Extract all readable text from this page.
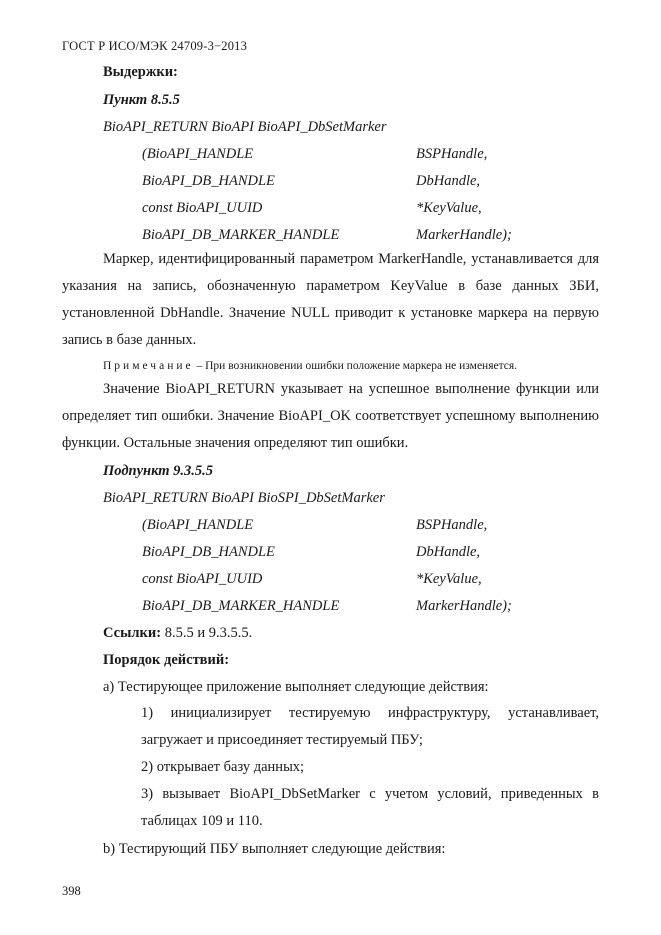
ГОСТ Р ИСО/МЭК 24709-3−2013
Выдержки:
Пункт 8.5.5
BioAPI_RETURN BioAPI BioAPI_DbSetMarker
(BioAPI_HANDLE	BSPHandle,
BioAPI_DB_HANDLE	DbHandle,
const BioAPI_UUID	*KeyValue,
BioAPI_DB_MARKER_HANDLE	MarkerHandle);
Маркер, идентифицированный параметром MarkerHandle, устанавливается для указания на запись, обозначенную параметром KeyValue в базе данных ЗБИ, установленной DbHandle. Значение NULL приводит к установке маркера на первую запись в базе данных.
Примечание – При возникновении ошибки положение маркера не изменяется.
Значение BioAPI_RETURN указывает на успешное выполнение функции или определяет тип ошибки. Значение BioAPI_OK соответствует успешному выполнению функции. Остальные значения определяют тип ошибки.
Подпункт 9.3.5.5
BioAPI_RETURN BioAPI BioSPI_DbSetMarker
(BioAPI_HANDLE	BSPHandle,
BioAPI_DB_HANDLE	DbHandle,
const BioAPI_UUID	*KeyValue,
BioAPI_DB_MARKER_HANDLE	MarkerHandle);
Ссылки: 8.5.5 и 9.3.5.5.
Порядок действий:
а) Тестирующее приложение выполняет следующие действия:
1) инициализирует тестируемую инфраструктуру, устанавливает, загружает и присоединяет тестируемый ПБУ;
2) открывает базу данных;
3) вызывает BioAPI_DbSetMarker с учетом условий, приведенных в таблицах 109 и 110.
b) Тестирующий ПБУ выполняет следующие действия:
398
